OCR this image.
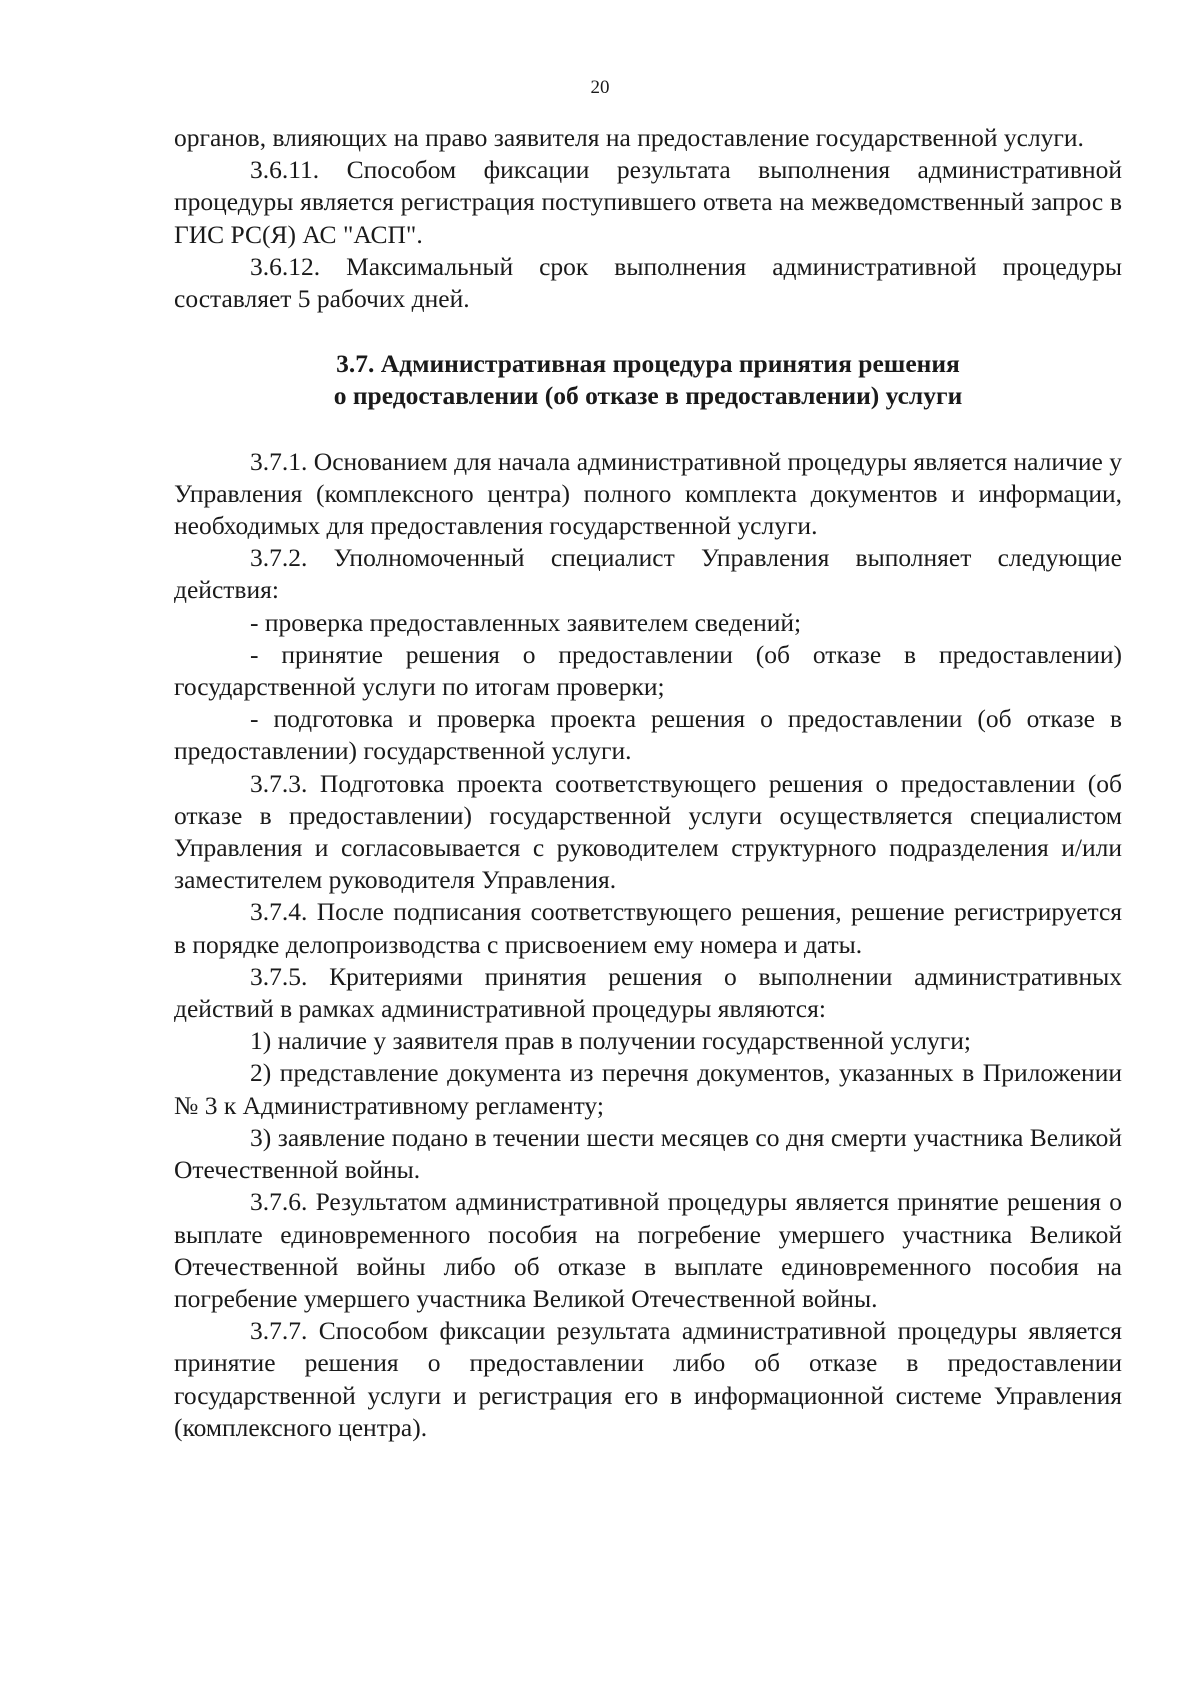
20

органов, влияющих на право заявителя на предоставление государственной услуги.

3.6.11. Способом фиксации результата выполнения административной процедуры является регистрация поступившего ответа на межведомственный запрос в ГИС РС(Я) АС "АСП".

3.6.12. Максимальный срок выполнения административной процедуры составляет 5 рабочих дней.

3.7. Административная процедура принятия решения
о предоставлении (об отказе в предоставлении) услуги

3.7.1. Основанием для начала административной процедуры является наличие у Управления (комплексного центра) полного комплекта документов и информации, необходимых для предоставления государственной услуги.

3.7.2. Уполномоченный специалист Управления выполняет следующие действия:

- проверка предоставленных заявителем сведений;

- принятие решения о предоставлении (об отказе в предоставлении) государственной услуги по итогам проверки;

- подготовка и проверка проекта решения о предоставлении (об отказе в предоставлении) государственной услуги.

3.7.3. Подготовка проекта соответствующего решения о предоставлении (об отказе в предоставлении) государственной услуги осуществляется специалистом Управления и согласовывается с руководителем структурного подразделения и/или заместителем руководителя Управления.

3.7.4. После подписания соответствующего решения, решение регистрируется в порядке делопроизводства с присвоением ему номера и даты.

3.7.5. Критериями принятия решения о выполнении административных действий в рамках административной процедуры являются:

1) наличие у заявителя прав в получении государственной услуги;

2) представление документа из перечня документов, указанных в Приложении № 3 к Административному регламенту;

3) заявление подано в течении шести месяцев со дня смерти участника Великой Отечественной войны.

3.7.6. Результатом административной процедуры является принятие решения о выплате единовременного пособия на погребение умершего участника Великой Отечественной войны либо об отказе в выплате единовременного пособия на погребение умершего участника Великой Отечественной войны.

3.7.7. Способом фиксации результата административной процедуры является принятие решения о предоставлении либо об отказе в предоставлении государственной услуги и регистрация его в информационной системе Управления (комплексного центра).
